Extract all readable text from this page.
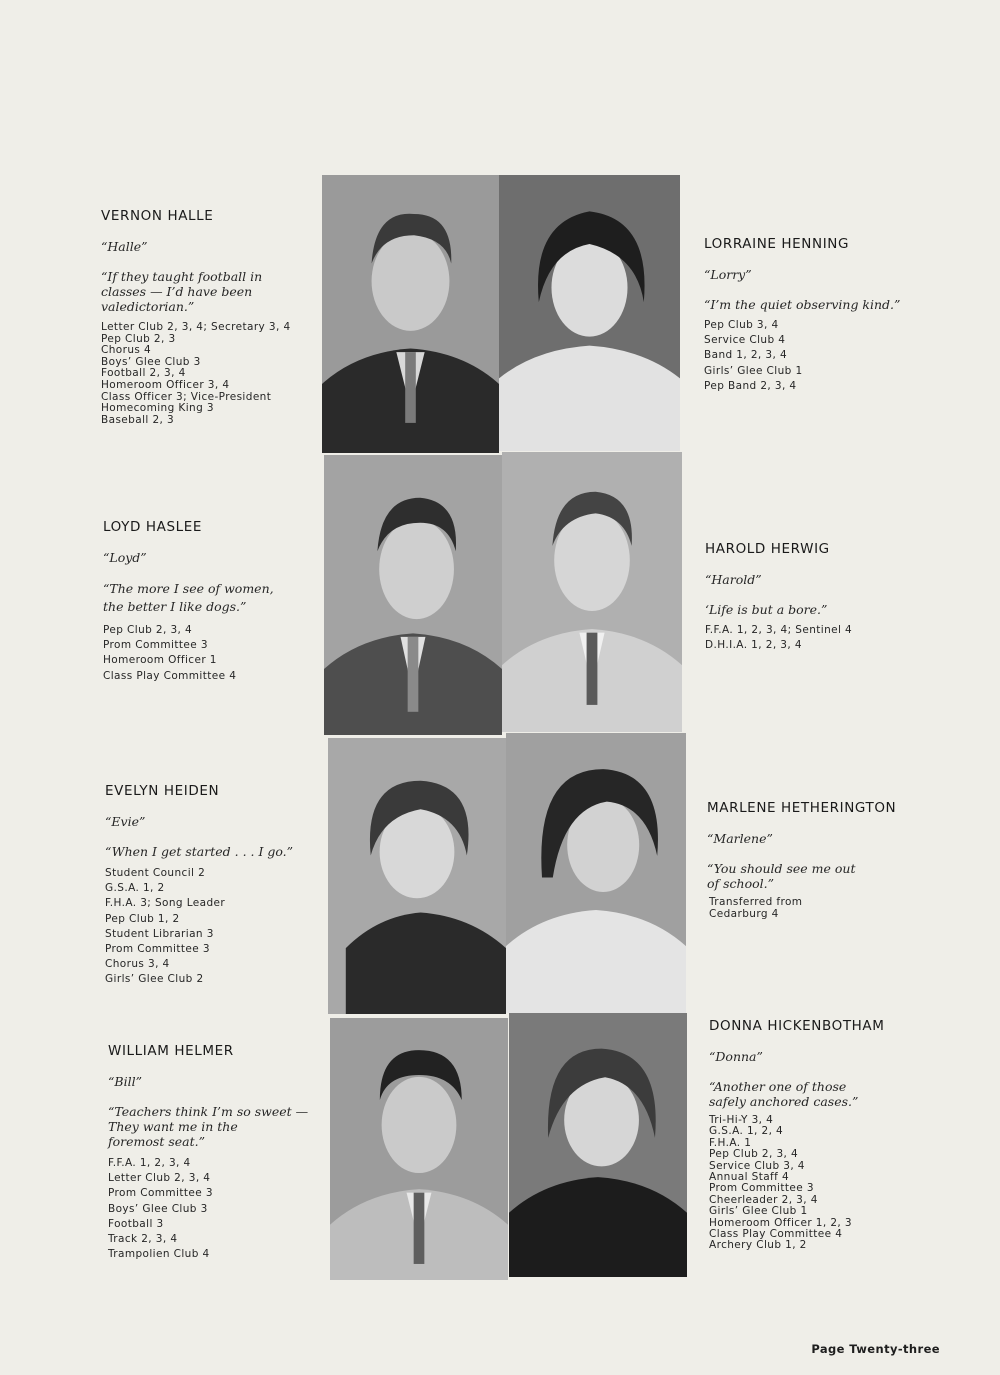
VERNON HALLE
“Halle”
“If they taught football in
classes — I’d have been
valedictorian.”
Letter Club 2, 3, 4; Secretary 3, 4
Pep Club 2, 3
Chorus 4
Boys’ Glee Club 3
Football 2, 3, 4
Homeroom Officer 3, 4
Class Officer 3; Vice-President
Homecoming King 3
Baseball 2, 3
LORRAINE HENNING
“Lorry”
“I’m the quiet observing kind.”
Pep Club 3, 4
Service Club 4
Band 1, 2, 3, 4
Girls’ Glee Club 1
Pep Band 2, 3, 4
LOYD HASLEE
“Loyd”
“The more I see of women,
the better I like dogs.”
Pep Club 2, 3, 4
Prom Committee 3
Homeroom Officer 1
Class Play Committee 4
HAROLD HERWIG
“Harold”
‘Life is but a bore.”
F.F.A. 1, 2, 3, 4; Sentinel 4
D.H.I.A. 1, 2, 3, 4
EVELYN HEIDEN
“Evie”
“When I get started . . . I go.”
Student Council 2
G.S.A. 1, 2
F.H.A. 3; Song Leader
Pep Club 1, 2
Student Librarian 3
Prom Committee 3
Chorus 3, 4
Girls’ Glee Club 2
MARLENE HETHERINGTON
“Marlene”
“You should see me out
of school.”
Transferred from
Cedarburg 4
WILLIAM HELMER
“Bill”
“Teachers think I’m so sweet —
They want me in the
foremost seat.”
F.F.A. 1, 2, 3, 4
Letter Club 2, 3, 4
Prom Committee 3
Boys’ Glee Club 3
Football 3
Track 2, 3, 4
Trampolien Club 4
DONNA HICKENBOTHAM
“Donna”
“Another one of those
safely anchored cases.”
Tri-Hi-Y 3, 4
G.S.A. 1, 2, 4
F.H.A. 1
Pep Club 2, 3, 4
Service Club 3, 4
Annual Staff 4
Prom Committee 3
Cheerleader 2, 3, 4
Girls’ Glee Club 1
Homeroom Officer 1, 2, 3
Class Play Committee 4
Archery Club 1, 2
Page Twenty-three
